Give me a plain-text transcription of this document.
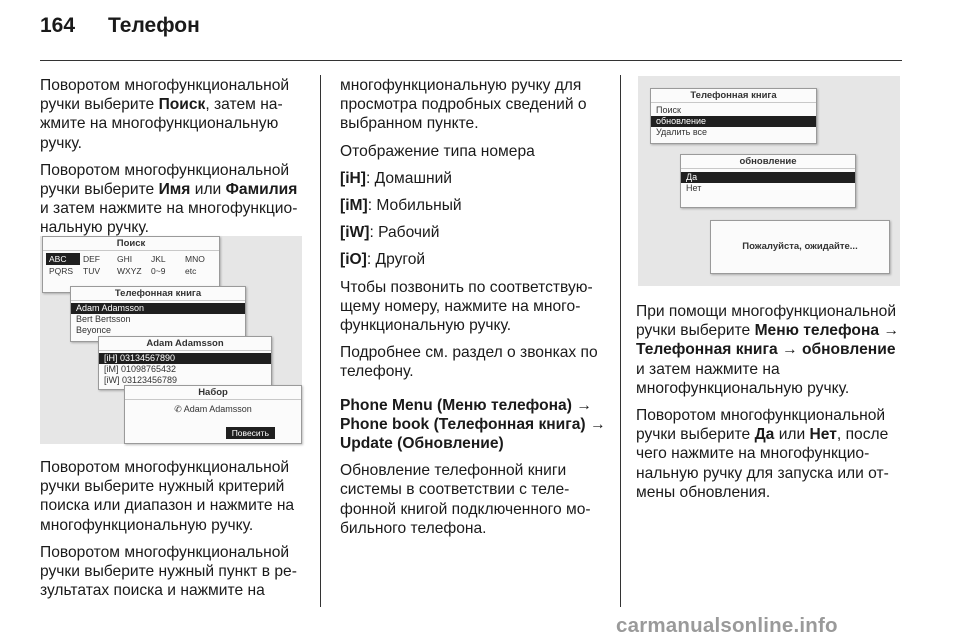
164 Телефон

Поворотом многофункциональной ручки выберите Поиск, затем нажмите на многофункциональную ручку.

Поворотом многофункциональной ручки выберите Имя или Фамилия и затем нажмите на многофункциональную ручку.

Поиск
ABC	DEF	GHI	JKL	MNO
PQRS	TUV	WXYZ	0~9	etc
Телефонная книга
Adam Adamsson
Bert Bertsson
Beyonce
Adam Adamsson
[iH] 03134567890
[iM] 01098765432
[iW] 03123456789
Набор
✆ Adam Adamsson
Повесить

Поворотом многофункциональной ручки выберите нужный критерий поиска или диапазон и нажмите на многофункциональную ручку.

Поворотом многофункциональной ручки выберите нужный пункт в результатах поиска и нажмите на

многофункциональную ручку для просмотра подробных сведений о выбранном пункте.

Отображение типа номера

[iH]: Домашний

[iM]: Мобильный

[iW]: Рабочий

[iO]: Другой

Чтобы позвонить по соответствующему номеру, нажмите на многофункциональную ручку.

Подробнее см. раздел о звонках по телефону.

Phone Menu (Меню телефона) → Phone book (Телефонная книга) → Update (Обновление)

Обновление телефонной книги системы в соответствии с телефонной книгой подключенного мобильного телефона.

Телефонная книга
Поиск
обновление
Удалить все
обновление
Да
Нет
Пожалуйста, ожидайте...

При помощи многофункциональной ручки выберите Меню телефона → Телефонная книга → обновление и затем нажмите на многофункциональную ручку.

Поворотом многофункциональной ручки выберите Да или Нет, после чего нажмите на многофункциональную ручку для запуска или отмены обновления.

carmanualsonline.info
